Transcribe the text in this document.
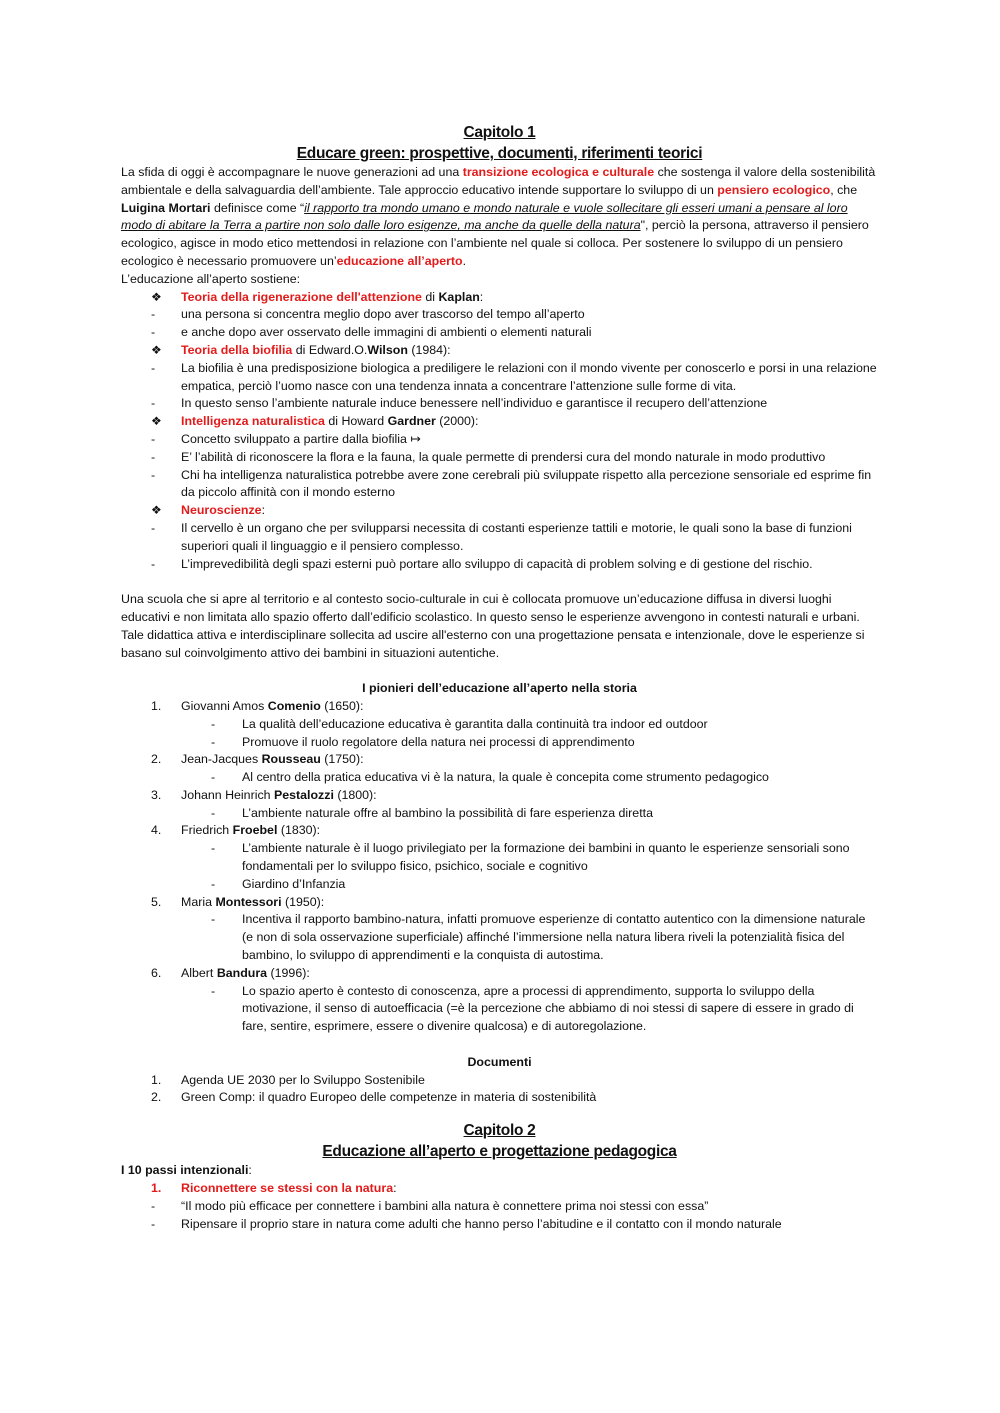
Capitolo 1
Educare green: prospettive, documenti, riferimenti teorici

La sfida di oggi è accompagnare le nuove generazioni ad una transizione ecologica e culturale che sostenga il valore della sostenibilità ambientale e della salvaguardia dell’ambiente. Tale approccio educativo intende supportare lo sviluppo di un pensiero ecologico, che Luigina Mortari definisce come “il rapporto tra mondo umano e mondo naturale e vuole sollecitare gli esseri umani a pensare al loro modo di abitare la Terra a partire non solo dalle loro esigenze, ma anche da quelle della natura", perciò la persona, attraverso il pensiero ecologico, agisce in modo etico mettendosi in relazione con l’ambiente nel quale si colloca. Per sostenere lo sviluppo di un pensiero ecologico è necessario promuovere un’educazione all’aperto.

L’educazione all’aperto sostiene:

❖ Teoria della rigenerazione dell'attenzione di Kaplan:
- una persona si concentra meglio dopo aver trascorso del tempo all’aperto
- e anche dopo aver osservato delle immagini di ambienti o elementi naturali
❖ Teoria della biofilia di Edward.O.Wilson (1984):
- La biofilia è una predisposizione biologica a prediligere le relazioni con il mondo vivente per conoscerlo e porsi in una relazione empatica, perciò l’uomo nasce con una tendenza innata a concentrare l’attenzione sulle forme di vita.
- In questo senso l’ambiente naturale induce benessere nell’individuo e garantisce il recupero dell’attenzione
❖ Intelligenza naturalistica di Howard Gardner (2000):
- Concetto sviluppato a partire dalla biofilia ↦
- E’ l’abilità di riconoscere la flora e la fauna, la quale permette di prendersi cura del mondo naturale in modo produttivo
- Chi ha intelligenza naturalistica potrebbe avere zone cerebrali più sviluppate rispetto alla percezione sensoriale ed esprime fin da piccolo affinità con il mondo esterno
❖ Neuroscienze:
- Il cervello è un organo che per svilupparsi necessita di costanti esperienze tattili e motorie, le quali sono la base di funzioni superiori quali il linguaggio e il pensiero complesso.
- L’imprevedibilità degli spazi esterni può portare allo sviluppo di capacità di problem solving e di gestione del rischio.

Una scuola che si apre al territorio e al contesto socio-culturale in cui è collocata promuove un’educazione diffusa in diversi luoghi educativi e non limitata allo spazio offerto dall’edificio scolastico. In questo senso le esperienze avvengono in contesti naturali e urbani. Tale didattica attiva e interdisciplinare sollecita ad uscire all'esterno con una progettazione pensata e intenzionale, dove le esperienze si basano sul coinvolgimento attivo dei bambini in situazioni autentiche.

I pionieri dell’educazione all’aperto nella storia
1. Giovanni Amos Comenio (1650):
- La qualità dell’educazione educativa è garantita dalla continuità tra indoor ed outdoor
- Promuove il ruolo regolatore della natura nei processi di apprendimento
2. Jean-Jacques Rousseau (1750):
- Al centro della pratica educativa vi è la natura, la quale è concepita come strumento pedagogico
3. Johann Heinrich Pestalozzi (1800):
- L’ambiente naturale offre al bambino la possibilità di fare esperienza diretta
4. Friedrich Froebel (1830):
- L’ambiente naturale è il luogo privilegiato per la formazione dei bambini in quanto le esperienze sensoriali sono fondamentali per lo sviluppo fisico, psichico, sociale e cognitivo
- Giardino d’Infanzia
5. Maria Montessori (1950):
- Incentiva il rapporto bambino-natura, infatti promuove esperienze di contatto autentico con la dimensione naturale (e non di sola osservazione superficiale) affinché l’immersione nella natura libera riveli la potenzialità fisica del bambino, lo sviluppo di apprendimenti e la conquista di autostima.
6. Albert Bandura (1996):
- Lo spazio aperto è contesto di conoscenza, apre a processi di apprendimento, supporta lo sviluppo della motivazione, il senso di autoefficacia (=è la percezione che abbiamo di noi stessi di sapere di essere in grado di fare, sentire, esprimere, essere o divenire qualcosa) e di autoregolazione.
Documenti
1. Agenda UE 2030 per lo Sviluppo Sostenibile
2. Green Comp: il quadro Europeo delle competenze in materia di sostenibilità
Capitolo 2
Educazione all’aperto e progettazione pedagogica

I 10 passi intenzionali:

1. Riconnettere se stessi con la natura:
- “Il modo più efficace per connettere i bambini alla natura è connettere prima noi stessi con essa”
- Ripensare il proprio stare in natura come adulti che hanno perso l’abitudine e il contatto con il mondo naturale
